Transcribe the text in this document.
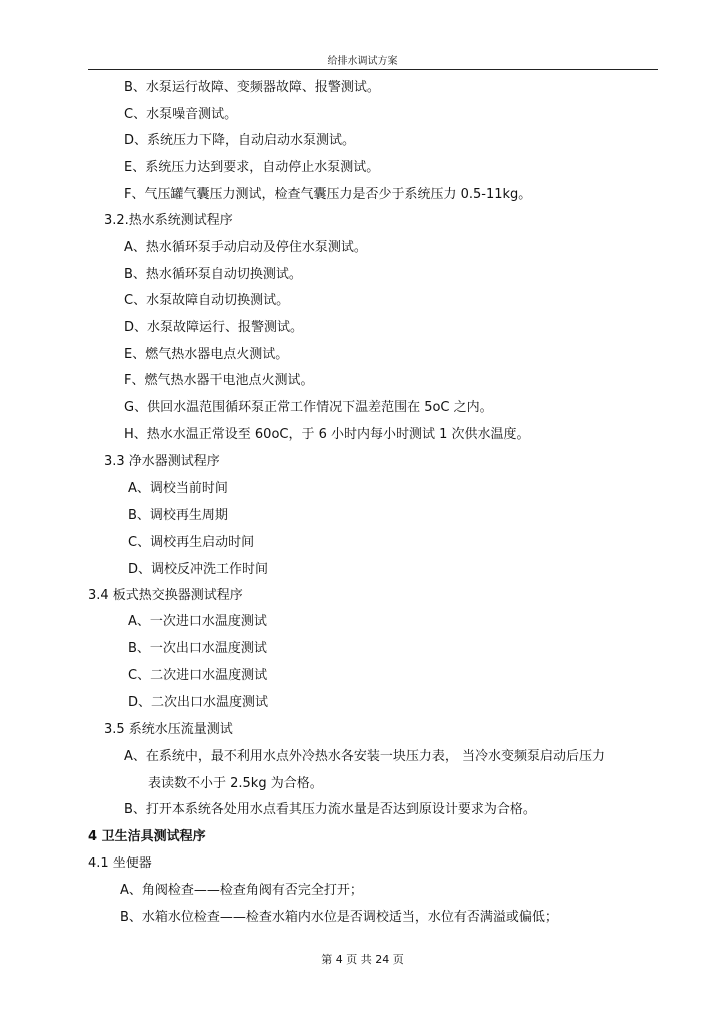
给排水调试方案
B、水泵运行故障、变频器故障、报警测试。
C、水泵噪音测试。
D、系统压力下降，自动启动水泵测试。
E、系统压力达到要求，自动停止水泵测试。
F、气压罐气囊压力测试，检查气囊压力是否少于系统压力 0.5-11kg。
3.2.热水系统测试程序
A、热水循环泵手动启动及停住水泵测试。
B、热水循环泵自动切换测试。
C、水泵故障自动切换测试。
D、水泵故障运行、报警测试。
E、燃气热水器电点火测试。
F、燃气热水器干电池点火测试。
G、供回水温范围循环泵正常工作情况下温差范围在 5oC 之内。
H、热水水温正常设至 60oC，于 6 小时内每小时测试 1 次供水温度。
3.3 净水器测试程序
A、调校当前时间
B、调校再生周期
C、调校再生启动时间
D、调校反冲洗工作时间
3.4 板式热交换器测试程序
A、一次进口水温度测试
B、一次出口水温度测试
C、二次进口水温度测试
D、二次出口水温度测试
3.5 系统水压流量测试
A、在系统中，最不利用水点外冷热水各安装一块压力表， 当冷水变频泵启动后压力
表读数不小于 2.5kg 为合格。
B、打开本系统各处用水点看其压力流水量是否达到原设计要求为合格。
4 卫生洁具测试程序
4.1 坐便器
A、角阀检查——检查角阀有否完全打开；
B、水箱水位检查——检查水箱内水位是否调校适当，水位有否满溢或偏低；
第 4 页 共 24 页
